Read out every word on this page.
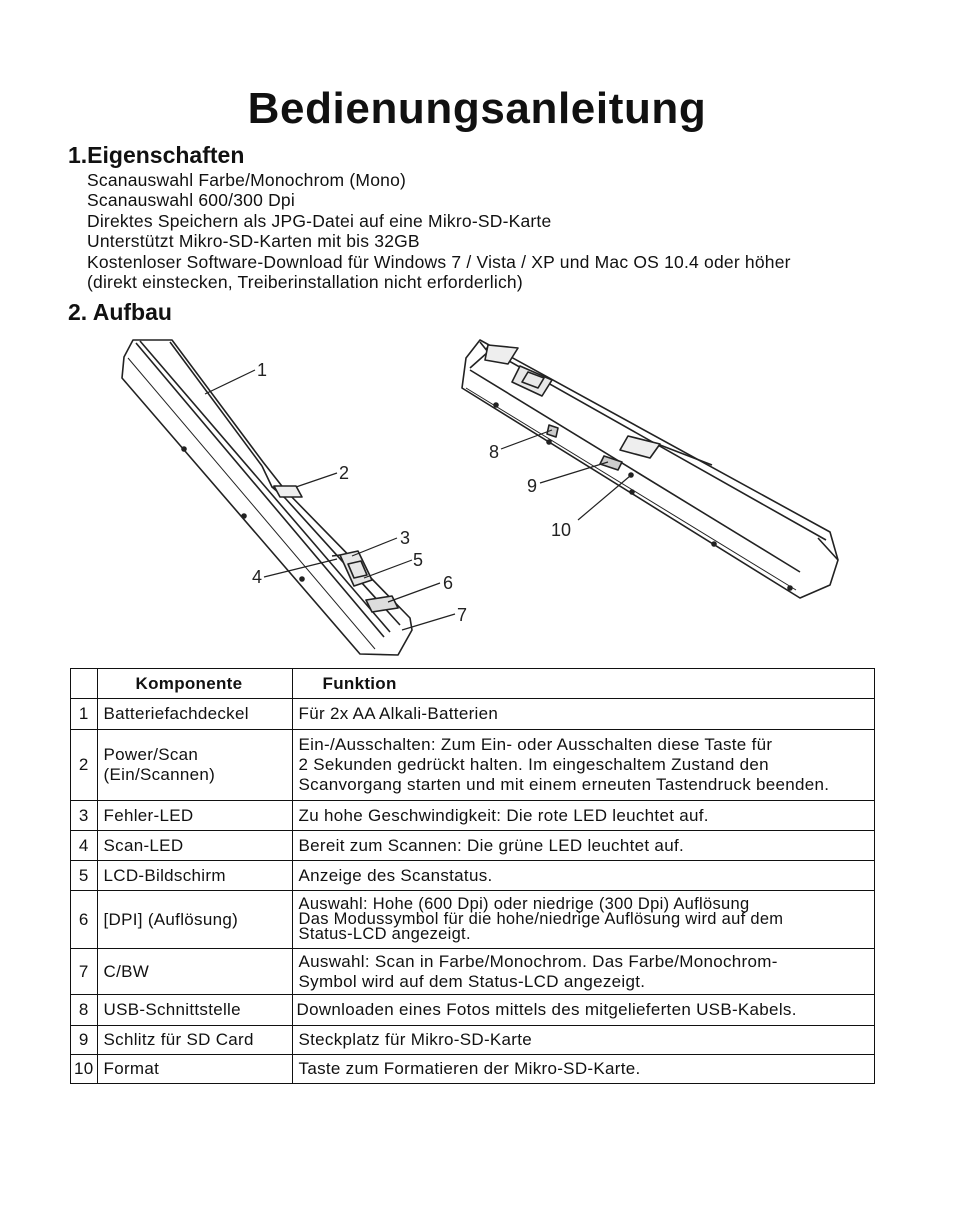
Bedienungsanleitung
1.Eigenschaften
Scanauswahl Farbe/Monochrom (Mono)
Scanauswahl 600/300 Dpi
Direktes Speichern als JPG-Datei auf eine Mikro-SD-Karte
Unterstützt Mikro-SD-Karten mit bis 32GB
Kostenloser Software-Download für Windows 7 / Vista / XP und Mac OS 10.4 oder höher
(direkt einstecken, Treiberinstallation nicht erforderlich)
2. Aufbau
1
2
3
4
5
6
7
8
9
10
	Komponente	Funktion
1	Batteriefachdeckel	Für 2x AA Alkali-Batterien
2	Power/Scan (Ein/Scannen)	Ein-/Ausschalten: Zum Ein- oder Ausschalten diese Taste für
2 Sekunden gedrückt halten. Im eingeschaltem Zustand den
Scanvorgang starten und mit einem erneuten Tastendruck beenden.

3	Fehler-LED	Zu hohe Geschwindigkeit: Die rote LED leuchtet auf.
4	Scan-LED	Bereit zum Scannen: Die grüne LED leuchtet auf.
5	LCD-Bildschirm	Anzeige des Scanstatus.
6	[DPI] (Auflösung)	Auswahl: Hohe (600 Dpi) oder niedrige (300 Dpi) Auflösung
Das Modussymbol für die hohe/niedrige Auflösung wird auf dem
Status-LCD angezeigt.

7	C/BW	Auswahl: Scan in Farbe/Monochrom. Das Farbe/Monochrom-
Symbol wird auf dem Status-LCD angezeigt.

8	USB-Schnittstelle	Downloaden eines Fotos mittels des mitgelieferten USB-Kabels.
9	Schlitz für SD Card	Steckplatz für Mikro-SD-Karte
10	Format	Taste zum Formatieren der Mikro-SD-Karte.
